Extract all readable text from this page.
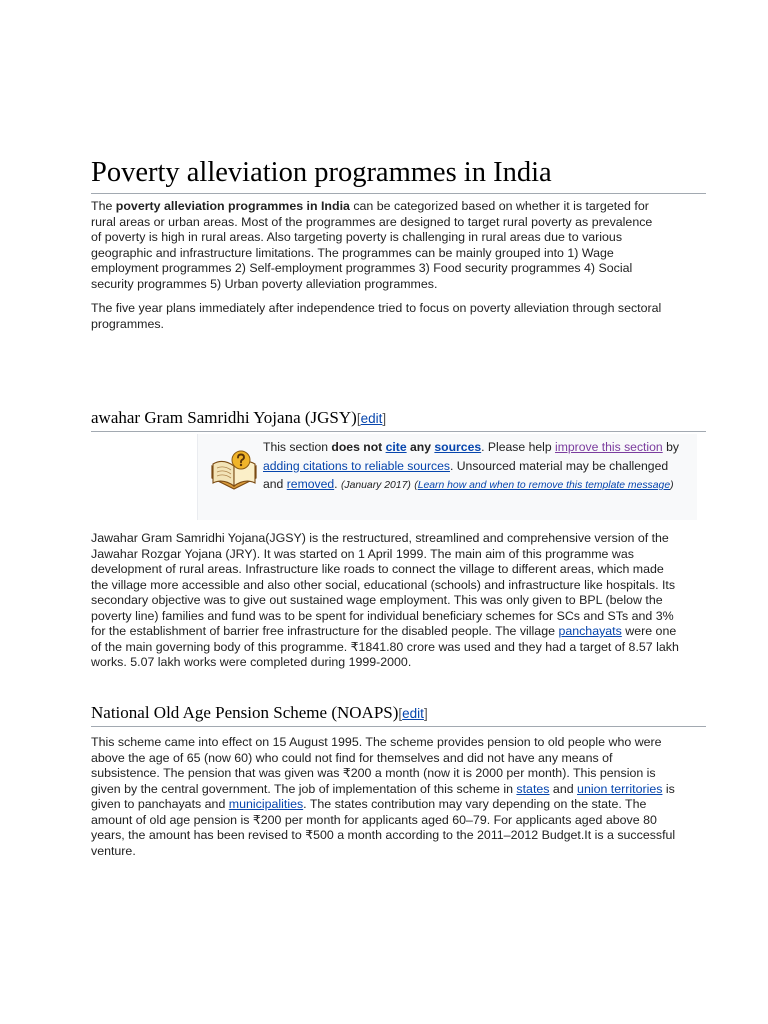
Poverty alleviation programmes in India

The poverty alleviation programmes in India can be categorized based on whether it is targeted for rural areas or urban areas. Most of the programmes are designed to target rural poverty as prevalence of poverty is high in rural areas. Also targeting poverty is challenging in rural areas due to various geographic and infrastructure limitations. The programmes can be mainly grouped into 1) Wage employment programmes 2) Self-employment programmes 3) Food security programmes 4) Social security programmes 5) Urban poverty alleviation programmes.

The five year plans immediately after independence tried to focus on poverty alleviation through sectoral programmes.

awahar Gram Samridhi Yojana (JGSY)[edit]

Jawahar Gram Samridhi Yojana(JGSY) is the restructured, streamlined and comprehensive version of the Jawahar Rozgar Yojana (JRY). It was started on 1 April 1999. The main aim of this programme was development of rural areas. Infrastructure like roads to connect the village to different areas, which made the village more accessible and also other social, educational (schools) and infrastructure like hospitals. Its secondary objective was to give out sustained wage employment. This was only given to BPL (below the poverty line) families and fund was to be spent for individual beneficiary schemes for SCs and STs and 3% for the establishment of barrier free infrastructure for the disabled people. The village panchayats were one of the main governing body of this programme. ₹1841.80 crore was used and they had a target of 8.57 lakh works. 5.07 lakh works were completed during 1999-2000.

National Old Age Pension Scheme (NOAPS)[edit]

This scheme came into effect on 15 August 1995. The scheme provides pension to old people who were above the age of 65 (now 60) who could not find for themselves and did not have any means of subsistence. The pension that was given was ₹200 a month (now it is 2000 per month). This pension is given by the central government. The job of implementation of this scheme in states and union territories is given to panchayats and municipalities. The states contribution may vary depending on the state. The amount of old age pension is ₹200 per month for applicants aged 60–79. For applicants aged above 80 years, the amount has been revised to ₹500 a month according to the 2011–2012 Budget.It is a successful venture.

This section does not cite any sources. Please help improve this section by adding citations to reliable sources. Unsourced material may be challenged and removed. (January 2017) (Learn how and when to remove this template message)
